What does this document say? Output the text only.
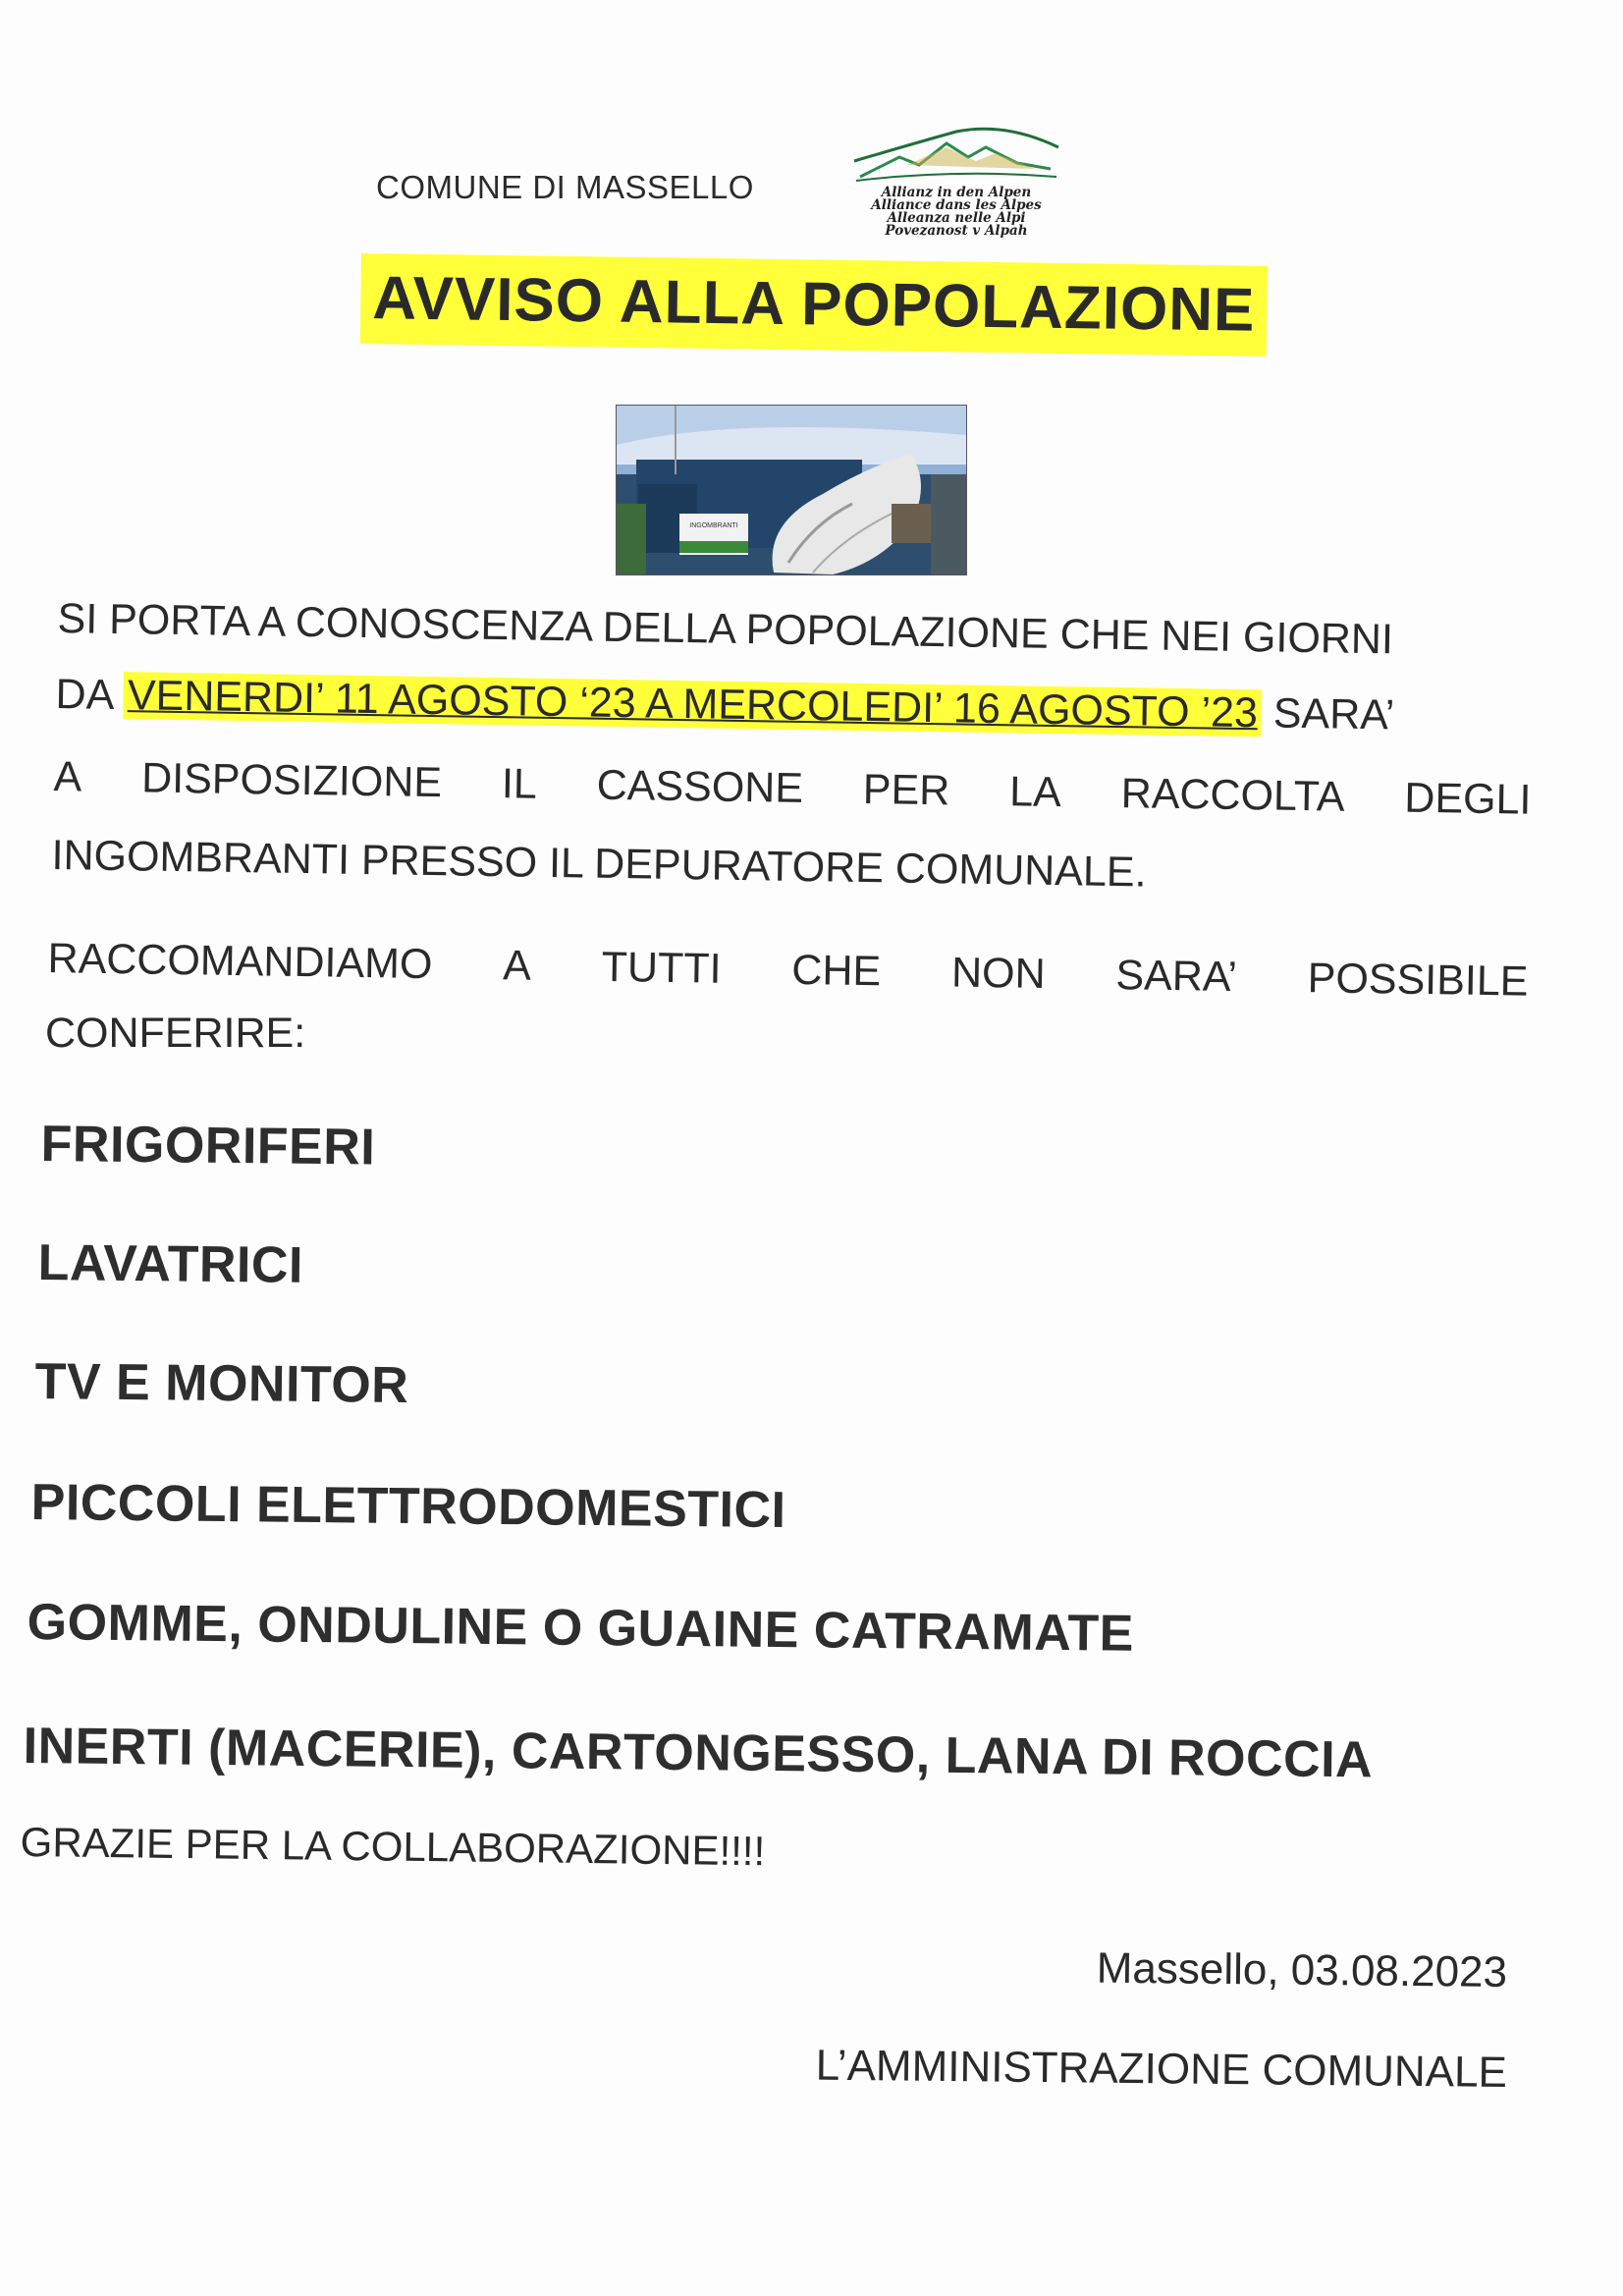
COMUNE DI MASSELLO	Allianz in den Alpen
Alliance dans les Alpes
Alleanza nelle Alpi
Povezanost v Alpah
AVVISO ALLA POPOLAZIONE
INGOMBRANTI
SI PORTA A CONOSCENZA DELLA POPOLAZIONE CHE NEI GIORNI
DA VENERDI’ 11 AGOSTO ‘23 A MERCOLEDI’ 16 AGOSTO ’23 SARA’
A DISPOSIZIONE IL CASSONE PER LA RACCOLTA DEGLI
INGOMBRANTI PRESSO IL DEPURATORE COMUNALE.
RACCOMANDIAMO A TUTTI CHE NON SARA’ POSSIBILE
CONFERIRE:
FRIGORIFERI
LAVATRICI
TV E MONITOR
PICCOLI ELETTRODOMESTICI
GOMME, ONDULINE O GUAINE CATRAMATE
INERTI (MACERIE), CARTONGESSO, LANA DI ROCCIA
GRAZIE PER LA COLLABORAZIONE!!!!
Massello, 03.08.2023
L’AMMINISTRAZIONE COMUNALE
